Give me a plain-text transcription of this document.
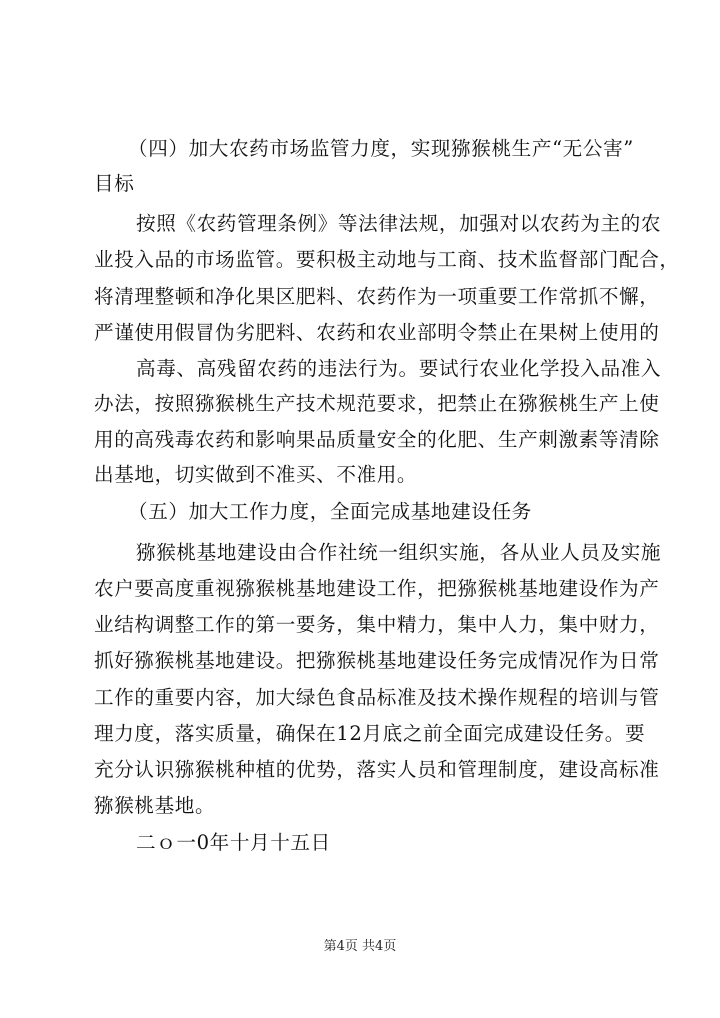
（四）加大农药市场监管力度，实现猕猴桃生产“无公害”
目标
按照《农药管理条例》等法律法规，加强对以农药为主的农
业投入品的市场监管。要积极主动地与工商、技术监督部门配合，
将清理整顿和净化果区肥料、农药作为一项重要工作常抓不懈，
严谨使用假冒伪劣肥料、农药和农业部明令禁止在果树上使用的
高毒、高残留农药的违法行为。要试行农业化学投入品准入
办法，按照猕猴桃生产技术规范要求，把禁止在猕猴桃生产上使
用的高残毒农药和影响果品质量安全的化肥、生产刺激素等清除
出基地，切实做到不准买、不准用。
（五）加大工作力度，全面完成基地建设任务
猕猴桃基地建设由合作社统一组织实施，各从业人员及实施
农户要高度重视猕猴桃基地建设工作，把猕猴桃基地建设作为产
业结构调整工作的第一要务，集中精力，集中人力，集中财力，
抓好猕猴桃基地建设。把猕猴桃基地建设任务完成情况作为日常
工作的重要内容，加大绿色食品标准及技术操作规程的培训与管
理力度，落实质量，确保在12月底之前全面完成建设任务。要
充分认识猕猴桃种植的优势，落实人员和管理制度，建设高标准
猕猴桃基地。
二ｏ一0年十月十五日
第4页 共4页
